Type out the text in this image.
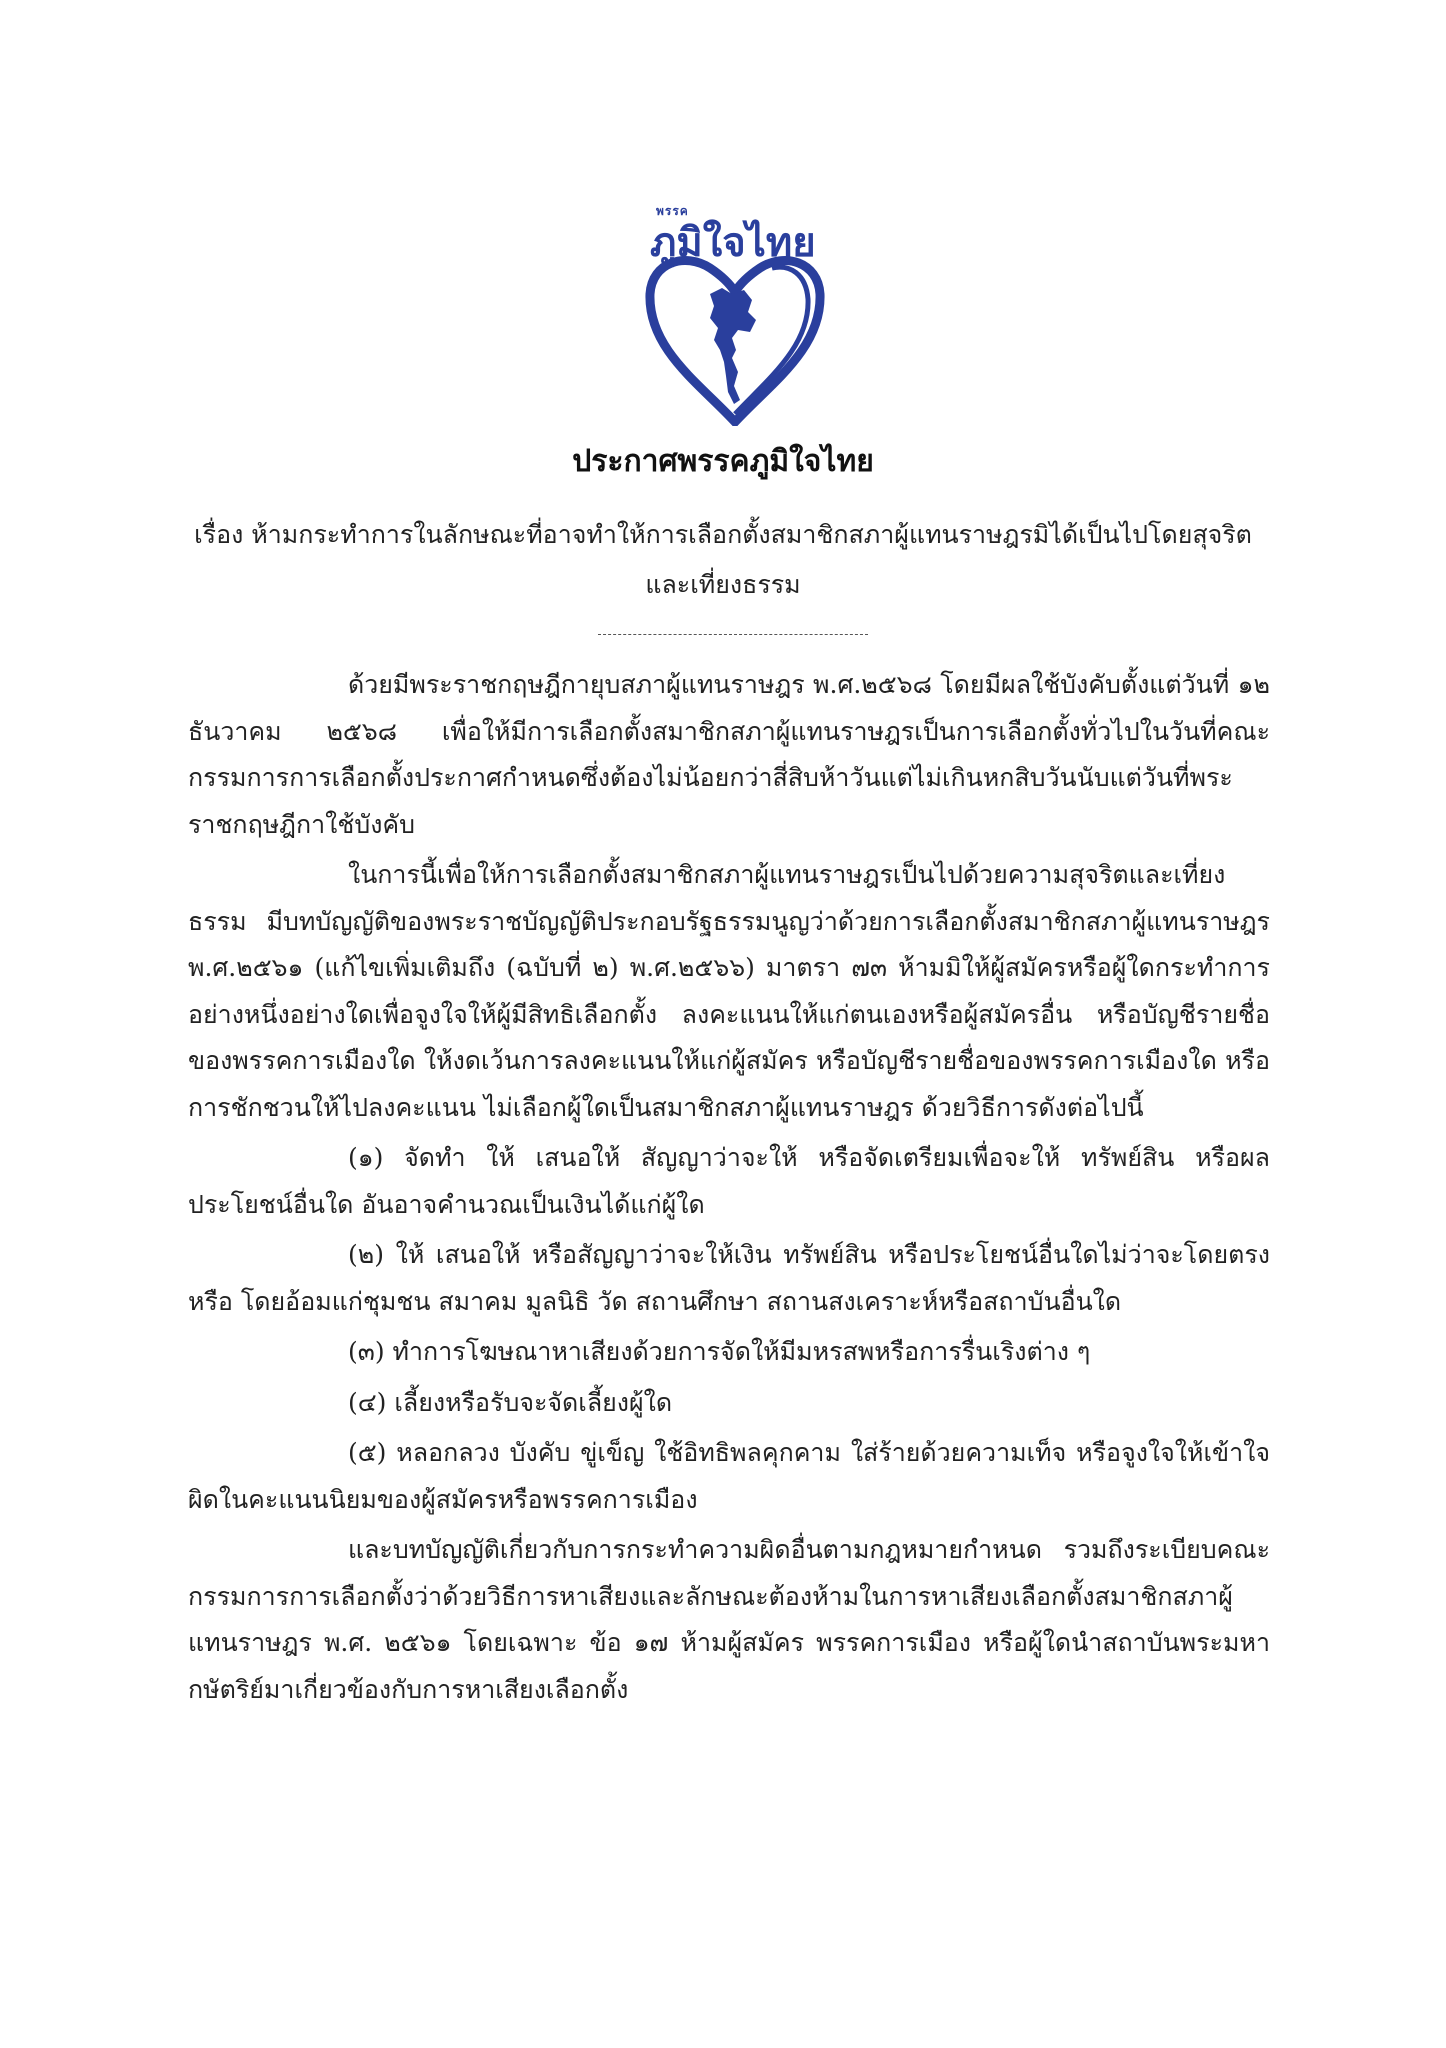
พรรค
ภูมิใจไทย
ประกาศพรรคภูมิใจไทย
เรื่อง ห้ามกระทำการในลักษณะที่อาจทำให้การเลือกตั้งสมาชิกสภาผู้แทนราษฎรมิได้เป็นไปโดยสุจริต
และเที่ยงธรรม

ด้วยมีพระราชกฤษฎีกายุบสภาผู้แทนราษฎร พ.ศ.๒๕๖๘ โดยมีผลใช้บังคับตั้งแต่วันที่ ๑๒ ธันวาคม ๒๕๖๘ เพื่อให้มีการเลือกตั้งสมาชิกสภาผู้แทนราษฎรเป็นการเลือกตั้งทั่วไปในวันที่คณะกรรมการการเลือกตั้งประกาศกำหนดซึ่งต้องไม่น้อยกว่าสี่สิบห้าวันแต่ไม่เกินหกสิบวันนับแต่วันที่พระราชกฤษฎีกาใช้บังคับ

ในการนี้เพื่อให้การเลือกตั้งสมาชิกสภาผู้แทนราษฎรเป็นไปด้วยความสุจริตและเที่ยงธรรม มีบทบัญญัติของพระราชบัญญัติประกอบรัฐธรรมนูญว่าด้วยการเลือกตั้งสมาชิกสภาผู้แทนราษฎร พ.ศ.๒๕๖๑ (แก้ไขเพิ่มเติมถึง (ฉบับที่ ๒) พ.ศ.๒๕๖๖) มาตรา ๗๓ ห้ามมิให้ผู้สมัครหรือผู้ใดกระทำการอย่างหนึ่งอย่างใดเพื่อจูงใจให้ผู้มีสิทธิเลือกตั้ง ลงคะแนนให้แก่ตนเองหรือผู้สมัครอื่น หรือบัญชีรายชื่อของพรรคการเมืองใด ให้งดเว้นการลงคะแนนให้แก่ผู้สมัคร หรือบัญชีรายชื่อของพรรคการเมืองใด หรือการชักชวนให้ไปลงคะแนน ไม่เลือกผู้ใดเป็นสมาชิกสภาผู้แทนราษฎร ด้วยวิธีการดังต่อไปนี้

(๑) จัดทำ ให้ เสนอให้ สัญญาว่าจะให้ หรือจัดเตรียมเพื่อจะให้ ทรัพย์สิน หรือผลประโยชน์อื่นใด อันอาจคำนวณเป็นเงินได้แก่ผู้ใด

(๒) ให้ เสนอให้ หรือสัญญาว่าจะให้เงิน ทรัพย์สิน หรือประโยชน์อื่นใดไม่ว่าจะโดยตรงหรือ โดยอ้อมแก่ชุมชน สมาคม มูลนิธิ วัด สถานศึกษา สถานสงเคราะห์หรือสถาบันอื่นใด

(๓) ทำการโฆษณาหาเสียงด้วยการจัดให้มีมหรสพหรือการรื่นเริงต่าง ๆ

(๔) เลี้ยงหรือรับจะจัดเลี้ยงผู้ใด

(๕) หลอกลวง บังคับ ขู่เข็ญ ใช้อิทธิพลคุกคาม ใส่ร้ายด้วยความเท็จ หรือจูงใจให้เข้าใจผิดในคะแนนนิยมของผู้สมัครหรือพรรคการเมือง

และบทบัญญัติเกี่ยวกับการกระทำความผิดอื่นตามกฎหมายกำหนด รวมถึงระเบียบคณะกรรมการการเลือกตั้งว่าด้วยวิธีการหาเสียงและลักษณะต้องห้ามในการหาเสียงเลือกตั้งสมาชิกสภาผู้แทนราษฎร พ.ศ. ๒๕๖๑ โดยเฉพาะ ข้อ ๑๗ ห้ามผู้สมัคร พรรคการเมือง หรือผู้ใดนำสถาบันพระมหากษัตริย์มาเกี่ยวข้องกับการหาเสียงเลือกตั้ง
